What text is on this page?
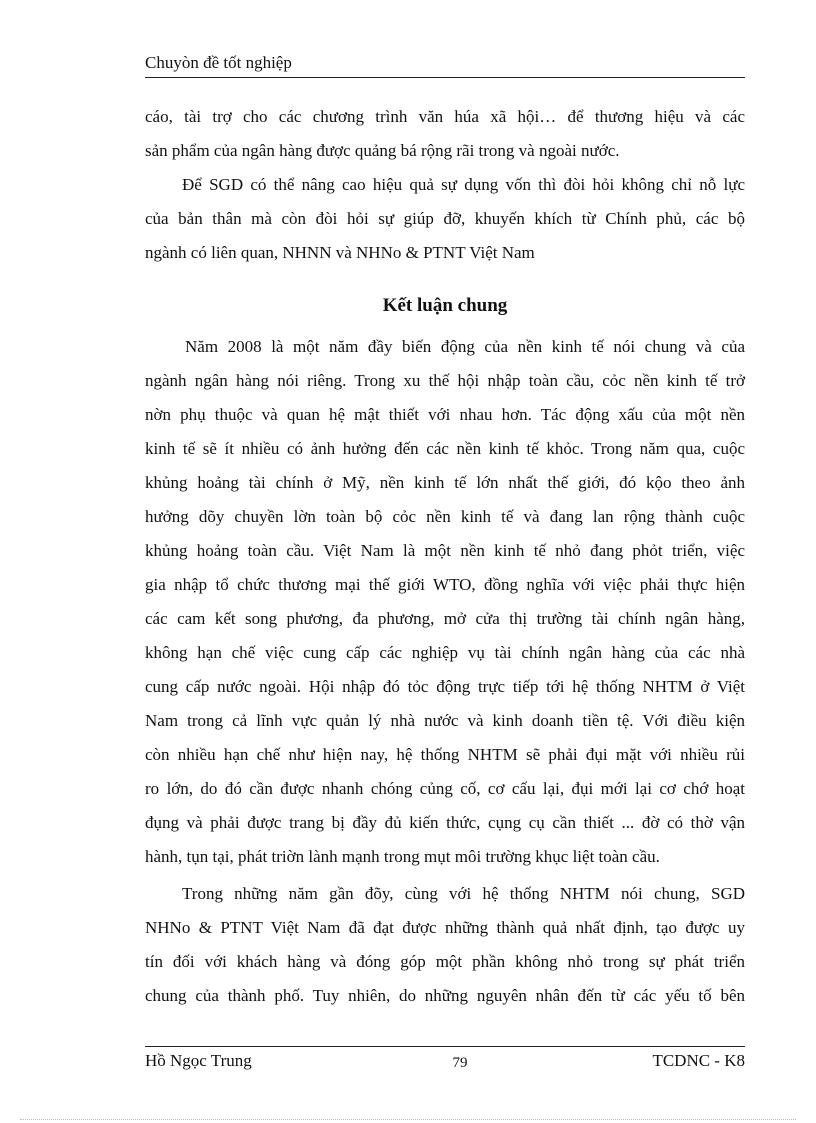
Chuyòn đề tốt nghiệp
cáo, tài trợ cho các chương trình văn húa xã hội… để thương hiệu và các
sản phẩm của ngân hàng được quảng bá rộng rãi trong và ngoài nước.
Để SGD có thể nâng cao hiệu quả sự dụng vốn thì đòi hỏi không chỉ nỗ lực
của bản thân mà còn đòi hỏi sự giúp đỡ, khuyến khích từ Chính phủ, các bộ
ngành có liên quan, NHNN và NHNo & PTNT Việt Nam
Kết luận chung
Năm 2008 là một năm đầy biến động của nền kinh tế nói chung và của
ngành ngân hàng nói riêng. Trong xu thế hội nhập toàn cầu, cỏc nền kinh tế trở
nờn phụ thuộc và quan hệ mật thiết với nhau hơn. Tác động xấu của một nền
kinh tế sẽ ít nhiều có ảnh hưởng đến các nền kinh tế khỏc. Trong năm qua, cuộc
khủng hoảng tài chính ở Mỹ, nền kinh tế lớn nhất thế giới, đó kộo theo ảnh
hưởng dõy chuyền lờn toàn bộ cỏc nền kinh tế và đang lan rộng thành cuộc
khủng hoảng toàn cầu. Việt Nam là một nền kinh tế nhỏ đang phỏt triển, việc
gia nhập tổ chức thương mại thế giới WTO, đồng nghĩa với việc phải thực hiện
các cam kết song phương, đa phương, mở cửa thị trường tài chính ngân hàng,
không hạn chế việc cung cấp các nghiệp vụ tài chính ngân hàng của các nhà
cung cấp nước ngoài. Hội nhập đó tỏc động trực tiếp tới hệ thống NHTM ở Việt
Nam trong cả lĩnh vực quản lý nhà nước và kinh doanh tiền tệ. Với điều kiện
còn nhiều hạn chế như hiện nay, hệ thống NHTM sẽ phải đụi mặt với nhiều rủi
ro lớn, do đó cần được nhanh chóng củng cố, cơ cấu lại, đụi mới lại cơ chớ hoạt
đụng và phải được trang bị đầy đủ kiến thức, cụng cụ cần thiết ... đờ có thờ vận
hành, tụn tại, phát triờn lành mạnh trong mụt môi trường khục liệt toàn cầu.
Trong những năm gần đõy, cùng với hệ thống NHTM nói chung, SGD
NHNo & PTNT Việt Nam đã đạt được những thành quả nhất định, tạo được uy
tín đối với khách hàng và đóng góp một phần không nhỏ trong sự phát triển
chung của thành phố. Tuy nhiên, do những nguyên nhân đến từ các yếu tố bên
Hồ Ngọc Trung	79	TCDNC - K8
